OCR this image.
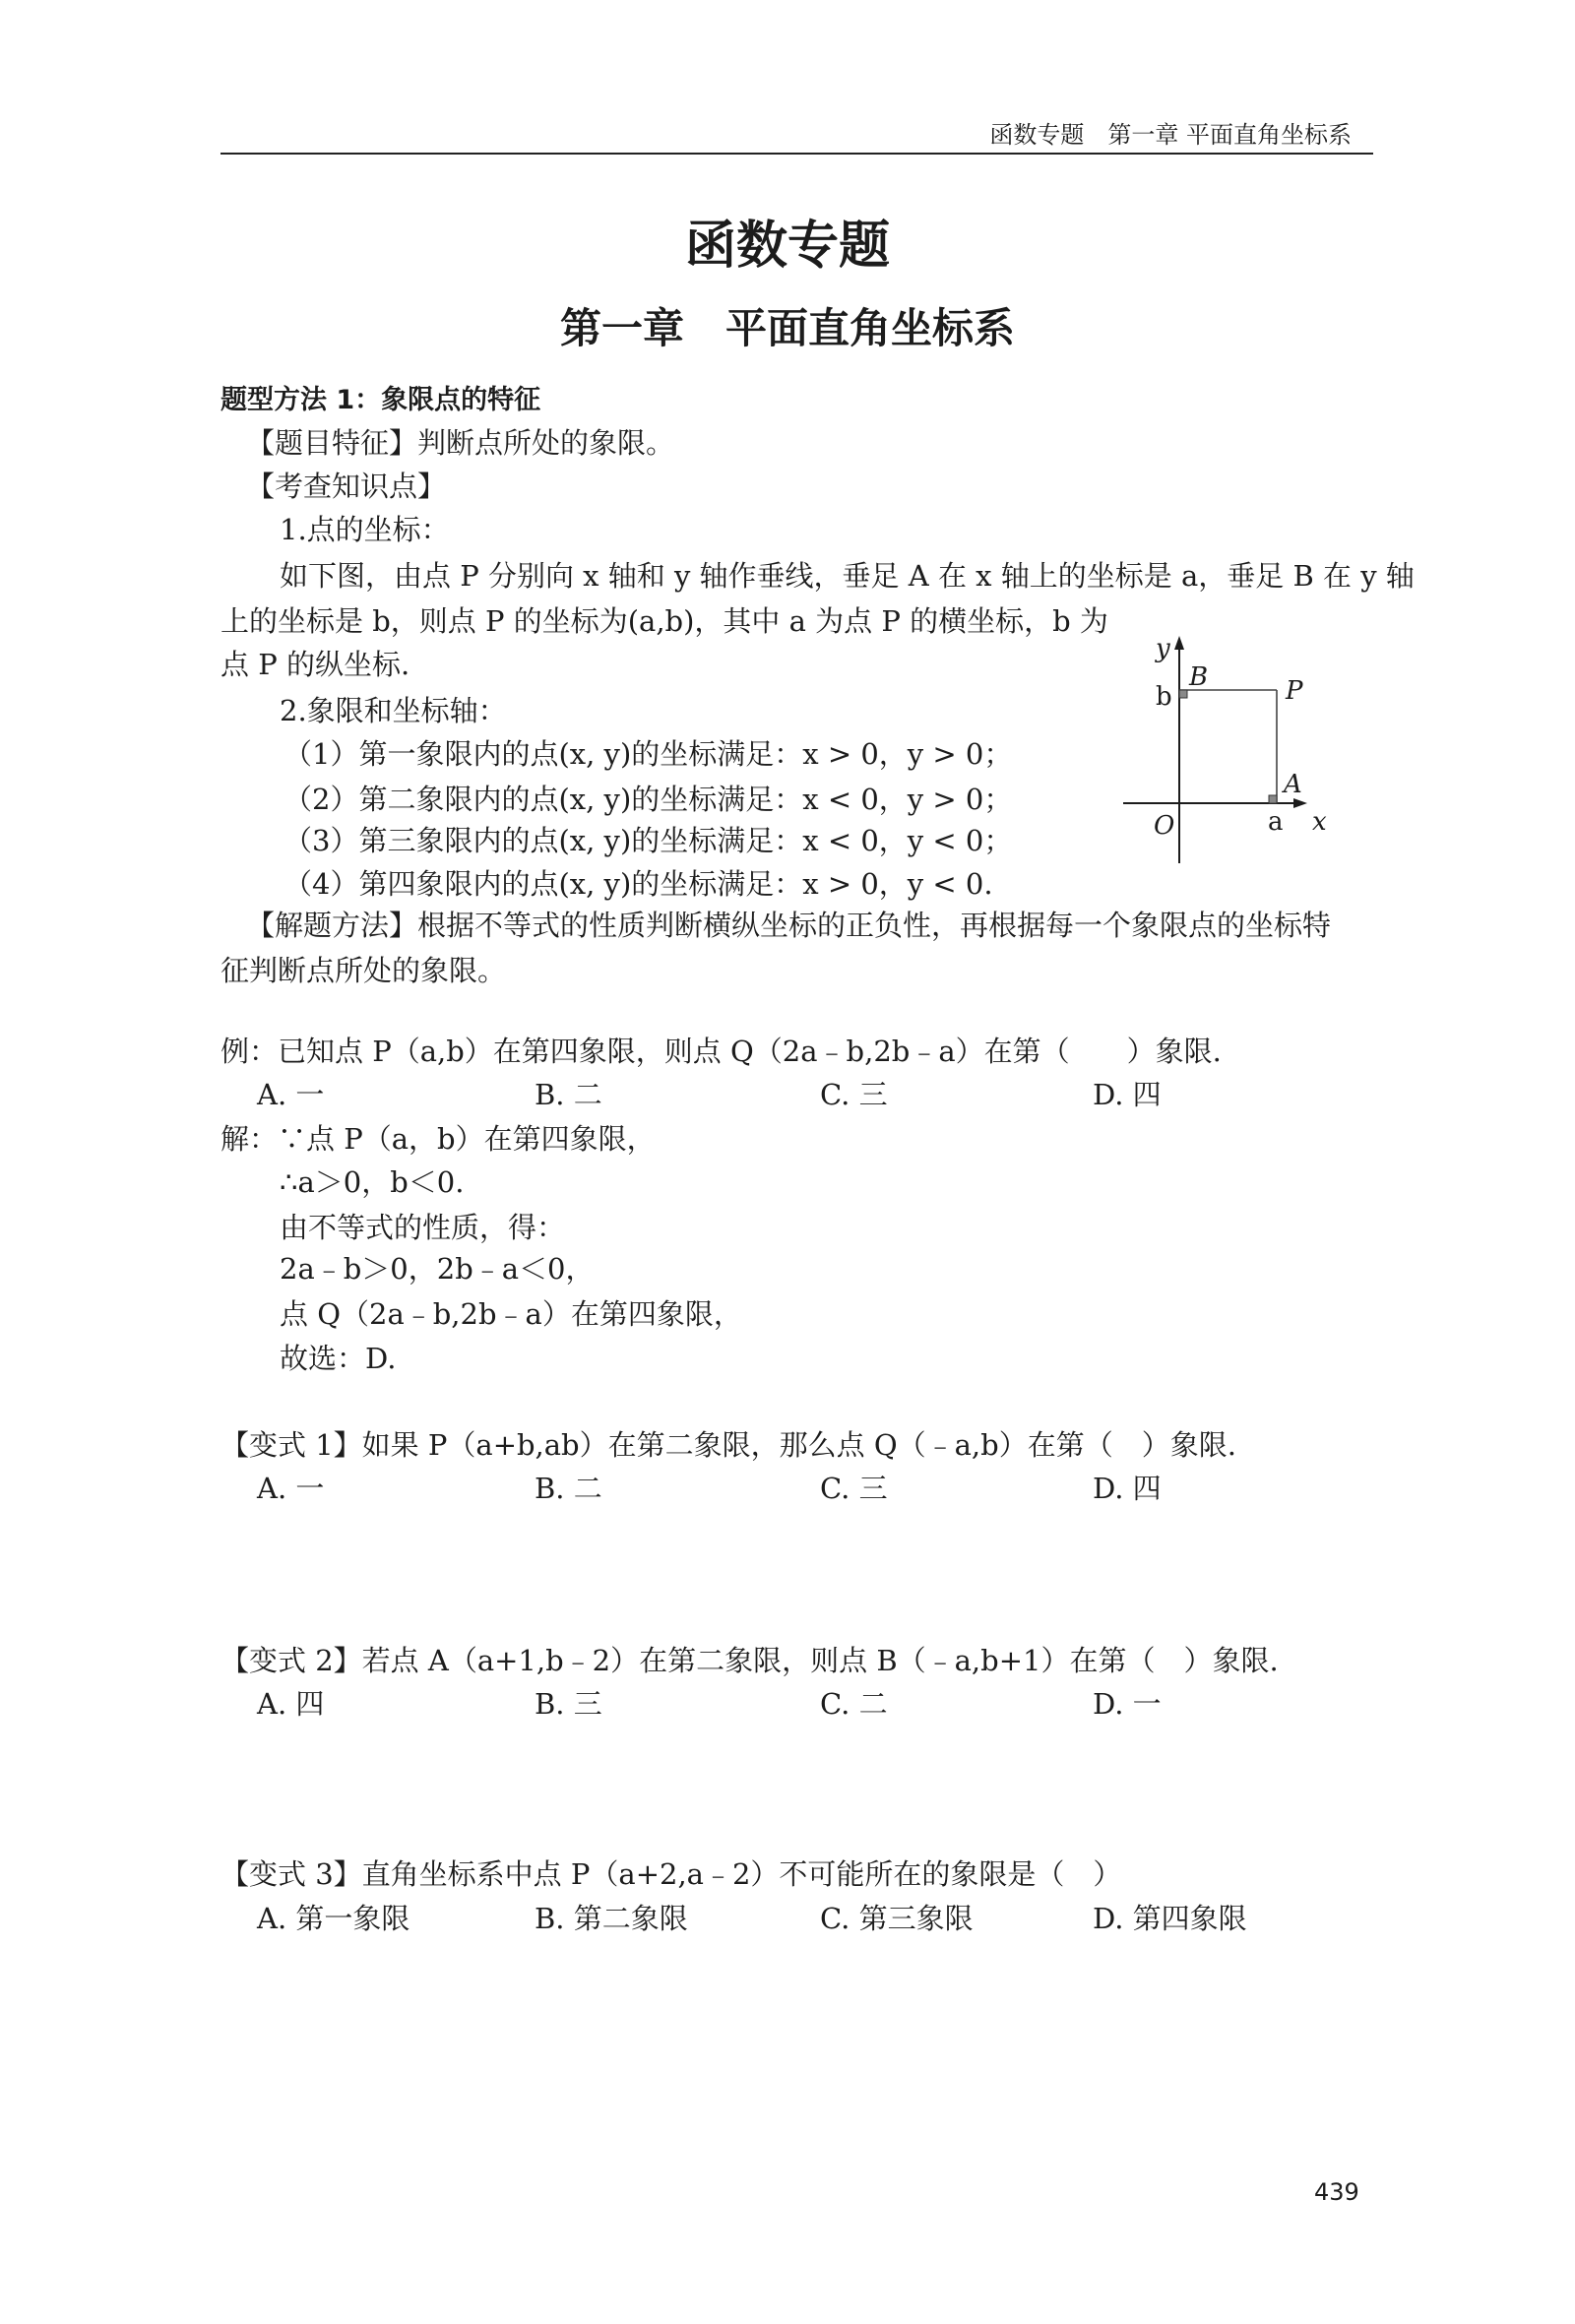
函数专题　第一章 平面直角坐标系
函数专题
第一章　平面直角坐标系
题型方法 1：象限点的特征
【题目特征】判断点所处的象限。
【考查知识点】
1.点的坐标：
如下图，由点 P 分别向 x 轴和 y 轴作垂线，垂足 A 在 x 轴上的坐标是 a，垂足 B 在 y 轴
上的坐标是 b，则点 P 的坐标为(a,b)，其中 a 为点 P 的横坐标，b 为
点 P 的纵坐标.
2.象限和坐标轴：
（1）第一象限内的点(x, y)的坐标满足：x > 0，y > 0；
（2）第二象限内的点(x, y)的坐标满足：x < 0，y > 0；
（3）第三象限内的点(x, y)的坐标满足：x < 0，y < 0；
（4）第四象限内的点(x, y)的坐标满足：x > 0，y < 0.
【解题方法】根据不等式的性质判断横纵坐标的正负性，再根据每一个象限点的坐标特
征判断点所处的象限。
y
B
b	P
A
O	a x
例：已知点 P（a,b）在第四象限，则点 Q（2a﹣b,2b﹣a）在第（　　）象限.
A. 一	B. 二	C. 三	D. 四
解：∵点 P（a，b）在第四象限，
∴a＞0，b＜0.
由不等式的性质，得：
2a﹣b＞0，2b﹣a＜0，
点 Q（2a﹣b,2b﹣a）在第四象限，
故选：D.
【变式 1】如果 P（a+b,ab）在第二象限，那么点 Q（﹣a,b）在第（　）象限.
A. 一	B. 二	C. 三	D. 四
【变式 2】若点 A（a+1,b﹣2）在第二象限，则点 B（﹣a,b+1）在第（　）象限.
A. 四	B. 三	C. 二	D. 一
【变式 3】直角坐标系中点 P（a+2,a﹣2）不可能所在的象限是（　）
A. 第一象限	B. 第二象限	C. 第三象限	D. 第四象限
439
